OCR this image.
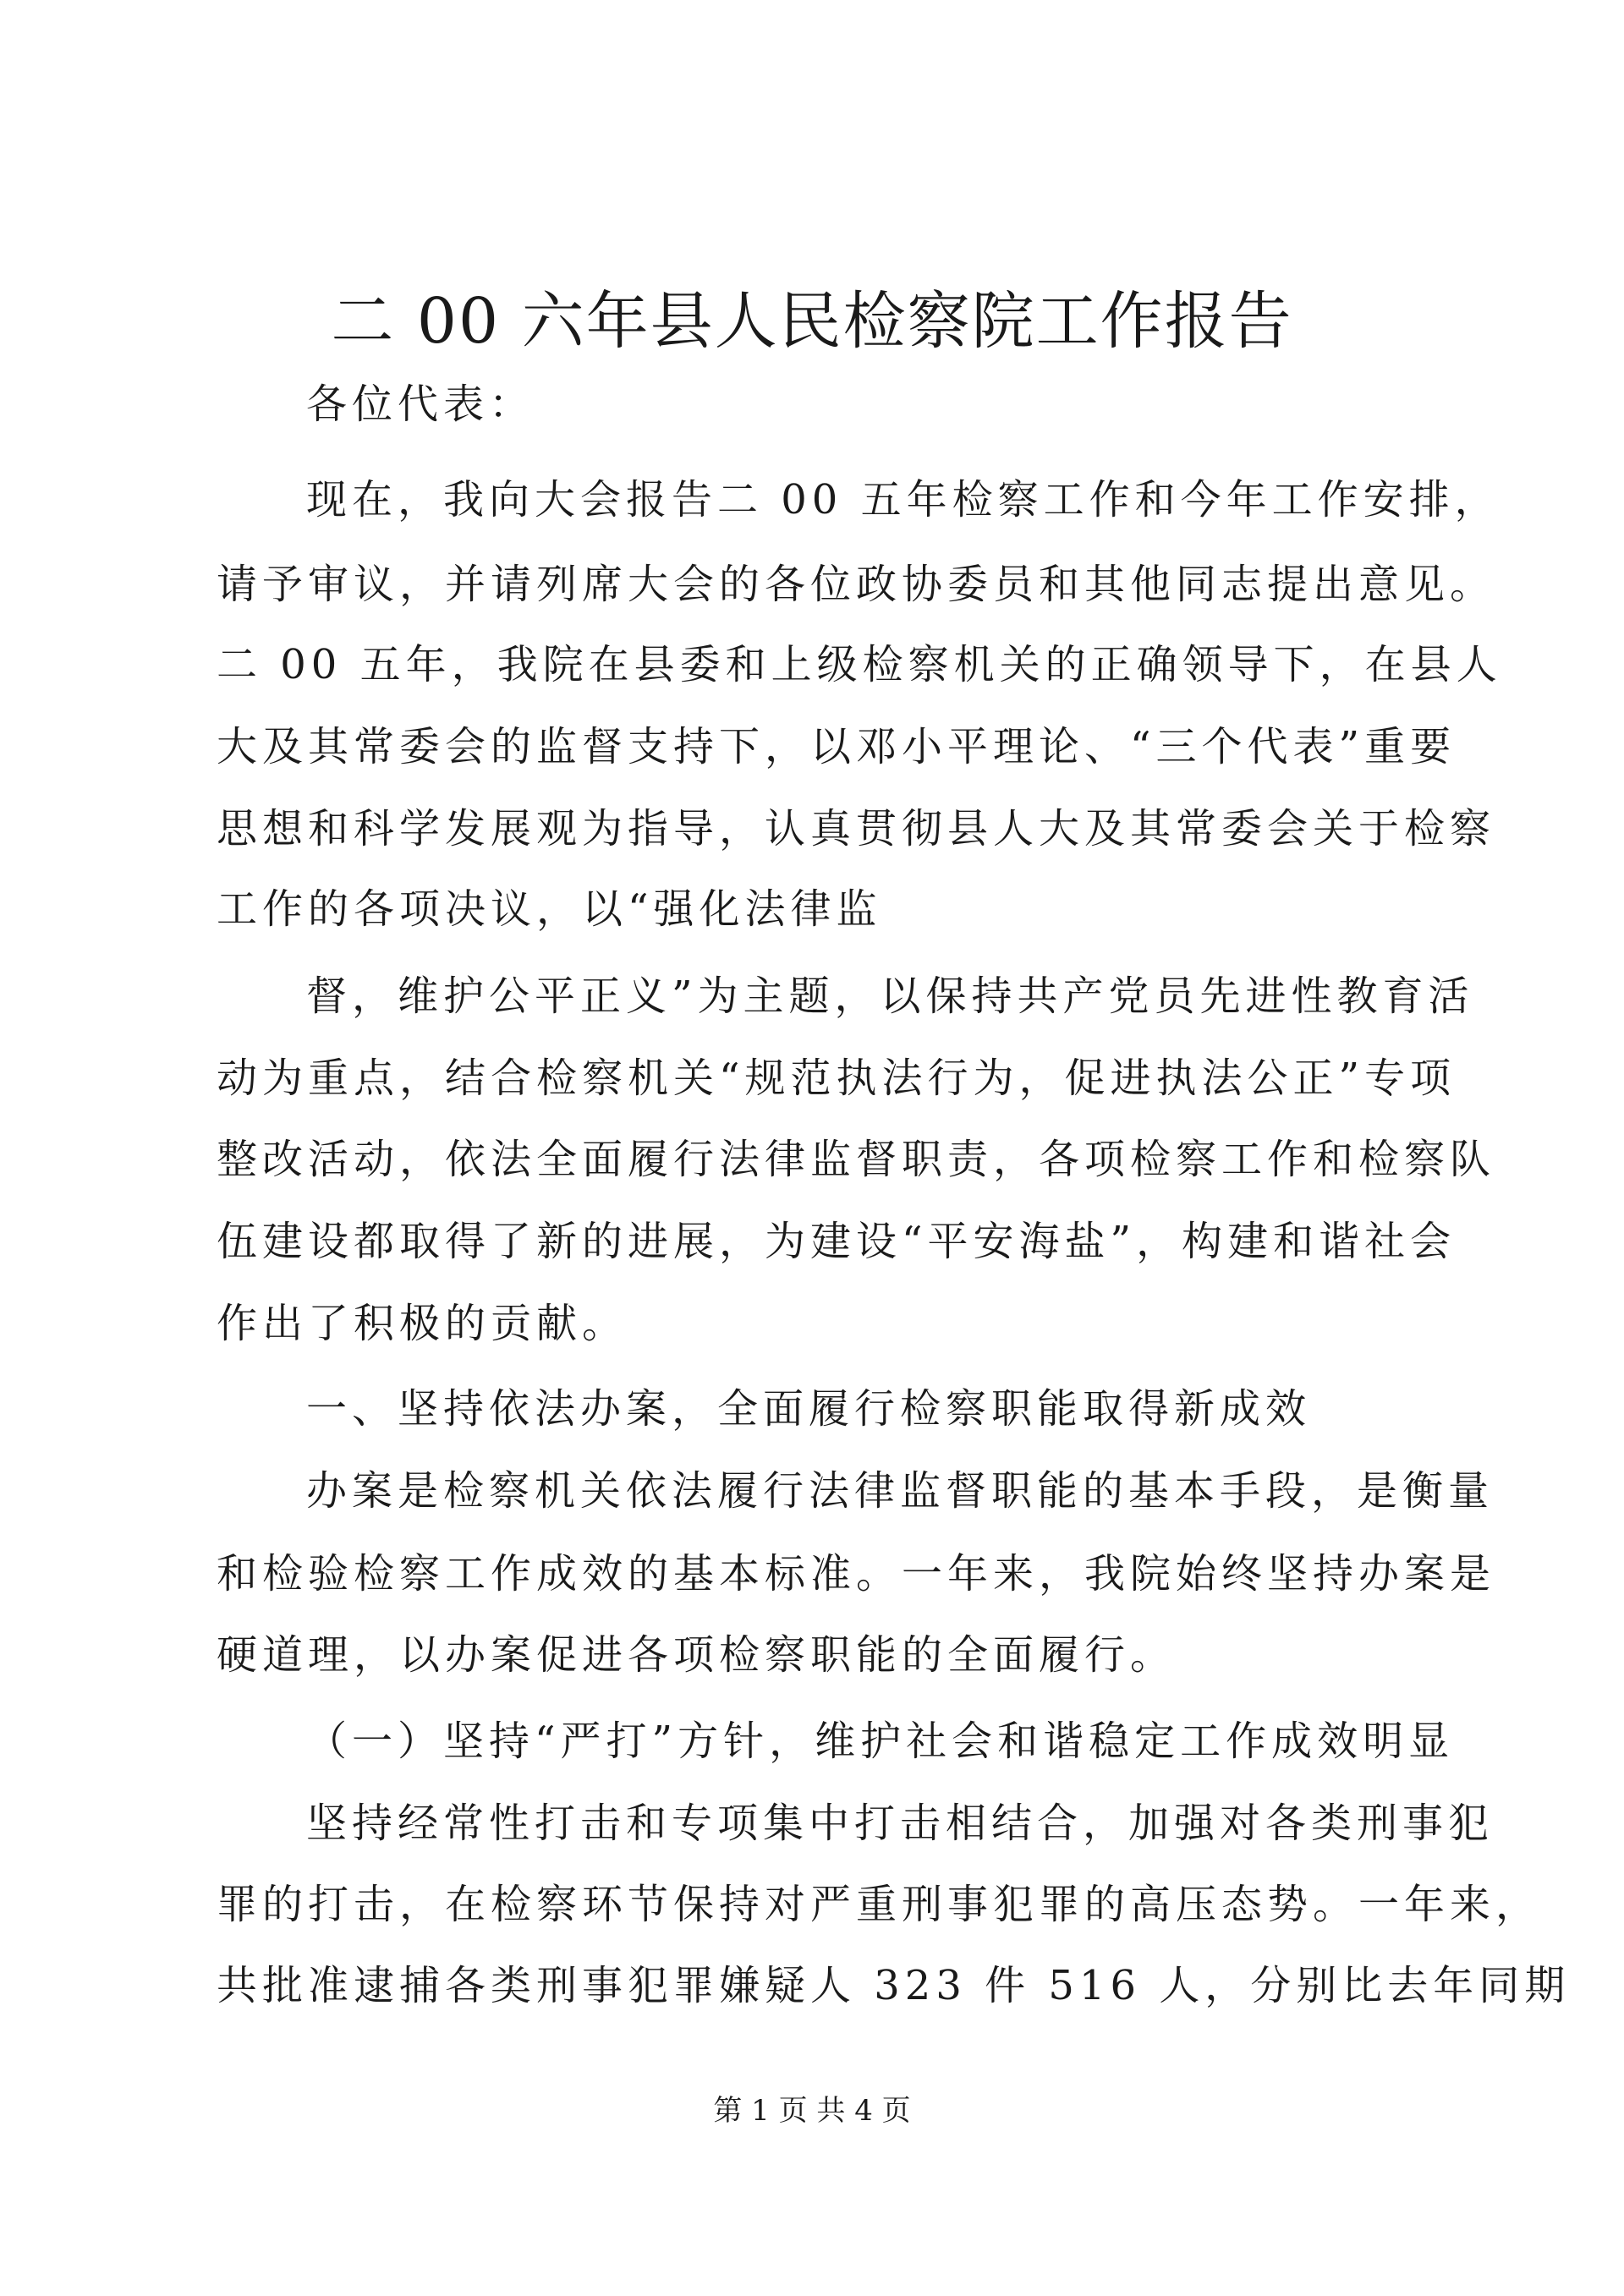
二 00 六年县人民检察院工作报告

各位代表：

现在，我向大会报告二 00 五年检察工作和今年工作安排，

请予审议，并请列席大会的各位政协委员和其他同志提出意见。

二 00 五年，我院在县委和上级检察机关的正确领导下，在县人

大及其常委会的监督支持下，以邓小平理论、“三个代表”重要

思想和科学发展观为指导，认真贯彻县人大及其常委会关于检察

工作的各项决议，以“强化法律监

督，维护公平正义”为主题，以保持共产党员先进性教育活

动为重点，结合检察机关“规范执法行为，促进执法公正”专项

整改活动，依法全面履行法律监督职责，各项检察工作和检察队

伍建设都取得了新的进展，为建设“平安海盐”，构建和谐社会

作出了积极的贡献。

一、坚持依法办案，全面履行检察职能取得新成效

办案是检察机关依法履行法律监督职能的基本手段，是衡量

和检验检察工作成效的基本标准。一年来，我院始终坚持办案是

硬道理，以办案促进各项检察职能的全面履行。

（一）坚持“严打”方针，维护社会和谐稳定工作成效明显

坚持经常性打击和专项集中打击相结合，加强对各类刑事犯

罪的打击，在检察环节保持对严重刑事犯罪的高压态势。一年来，

共批准逮捕各类刑事犯罪嫌疑人 323 件 516 人，分别比去年同期

第 1 页 共 4 页
